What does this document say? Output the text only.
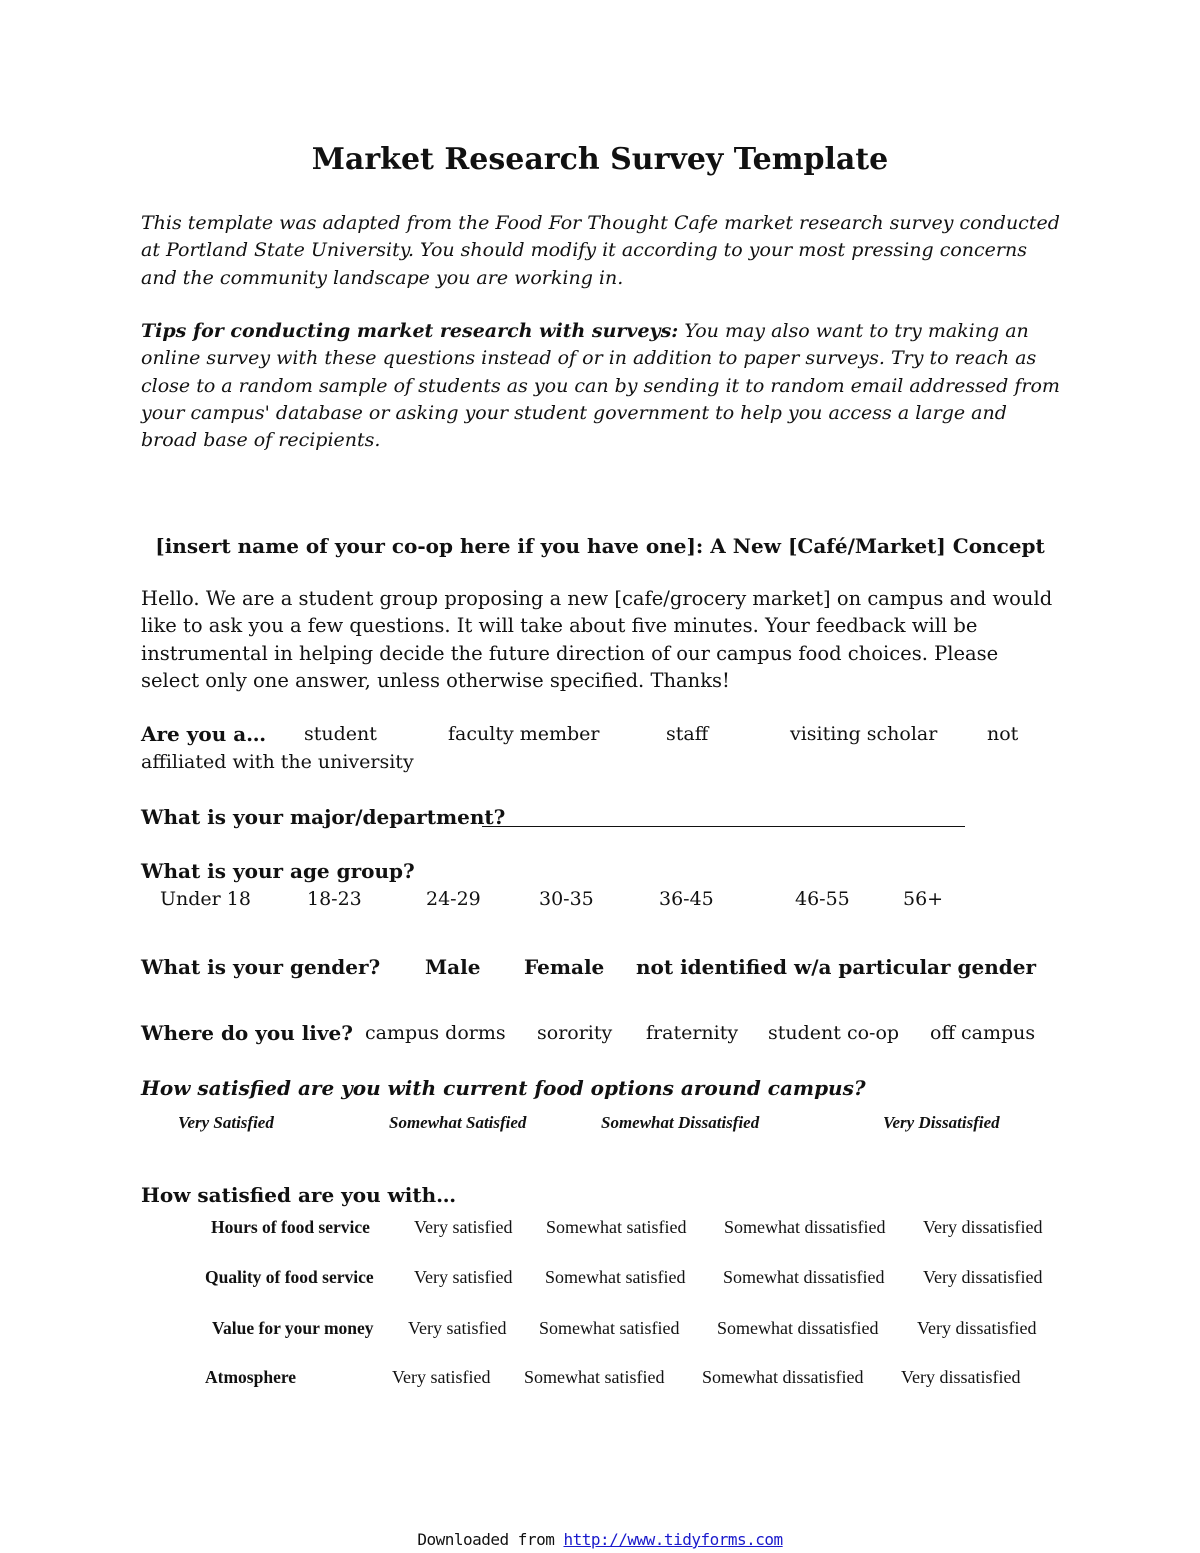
Market Research Survey Template
This template was adapted from the Food For Thought Cafe market research survey conducted at Portland State University. You should modify it according to your most pressing concerns and the community landscape you are working in.
Tips for conducting market research with surveys: You may also want to try making an online survey with these questions instead of or in addition to paper surveys. Try to reach as close to a random sample of students as you can by sending it to random email addressed from your campus' database or asking your student government to help you access a large and broad base of recipients.
[insert name of your co-op here if you have one]: A New [Café/Market] Concept
Hello. We are a student group proposing a new [cafe/grocery market] on campus and would like to ask you a few questions. It will take about five minutes. Your feedback will be instrumental in helping decide the future direction of our campus food choices. Please select only one answer, unless otherwise specified. Thanks!
Are you a… student	faculty member	staff	visiting scholar	not
affiliated with the university
What is your major/department?
What is your age group?
Under 18	18-23	24-29	30-35	36-45	46-55	56+
What is your gender? Male Female not identified w/a particular gender
Where do you live? campus dorms sorority fraternity student co-op off campus
How satisfied are you with current food options around campus?
Very Satisfied	Somewhat Satisfied	Somewhat Dissatisfied	Very Dissatisfied
How satisfied are you with…
Hours of food service Very satisfied Somewhat satisfied Somewhat dissatisfied Very dissatisfied
Quality of food service Very satisfied Somewhat satisfied Somewhat dissatisfied Very dissatisfied
Value for your money Very satisfied Somewhat satisfied Somewhat dissatisfied Very dissatisfied
Atmosphere	Very satisfied Somewhat satisfied Somewhat dissatisfied Very dissatisfied
Downloaded from http://www.tidyforms.com
